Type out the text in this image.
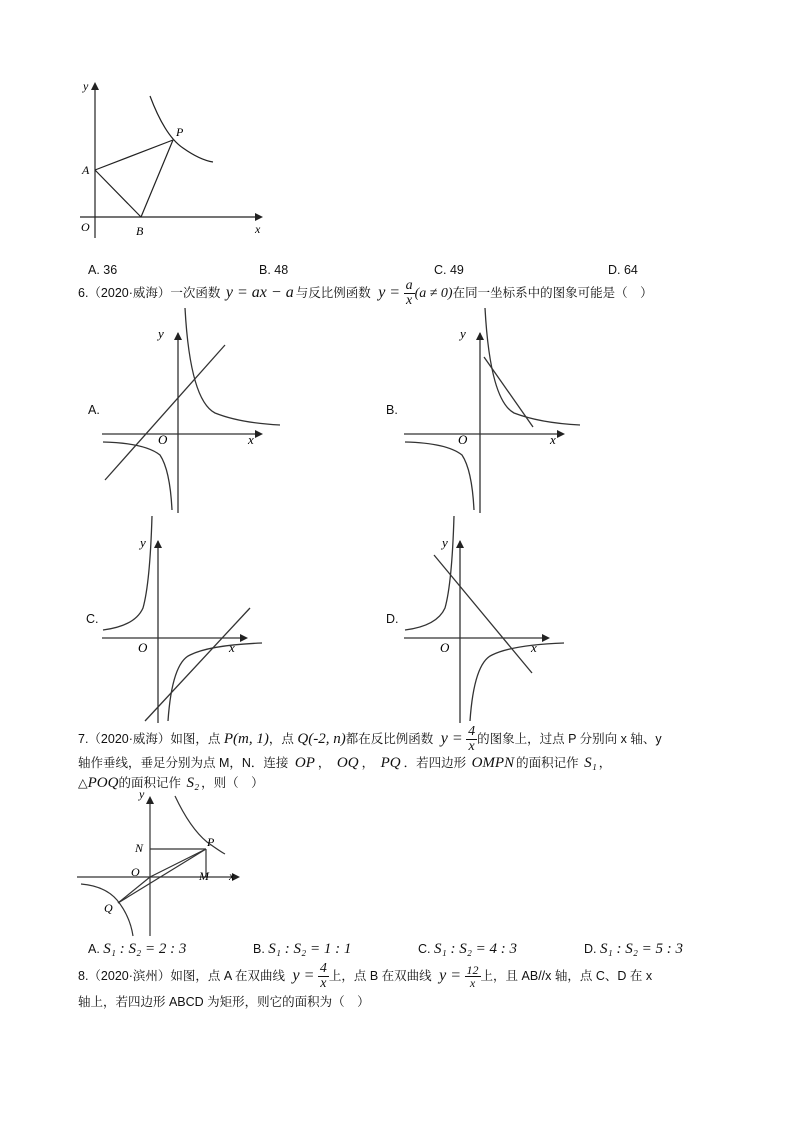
y
x
O
A
B
P
A. 36	B. 48	C. 49	D. 64
6.（2020·威海）一次函数 y = ax − a 与反比例函数 $y = \frac{a}{x} (a \ne 0)$在同一坐标系中的图象可能是（　）
A.
y
x
O
B.
y
x
O
C.
y
x
O
D.
y
x
O
7.（2020·威海）如图，点 P(m, 1)，点 Q(-2, n)都在反比例函数 $y = \frac{4}{x}$ 的图象上，过点 P 分别向 x 轴、y
轴作垂线，垂足分别为点 M，N．连接 OP ， OQ ， PQ ．若四边形 OMPN 的面积记作 S₁ ，
△POQ的面积记作 S₂ ，则（　）
y
x
O
N	P
M
Q
A. S₁ : S₂ = 2 : 3	B. S₁ : S₂ = 1 : 1	C. S₁ : S₂ = 4 : 3	D. S₁ : S₂ = 5 : 3
8.（2020·滨州）如图，点 A 在双曲线 $y = \frac{4}{x}$ 上，点 B 在双曲线 $y = \frac{12}{x}$ 上，且 AB//x 轴，点 C、D 在 x
轴上，若四边形 ABCD 为矩形，则它的面积为（　）
